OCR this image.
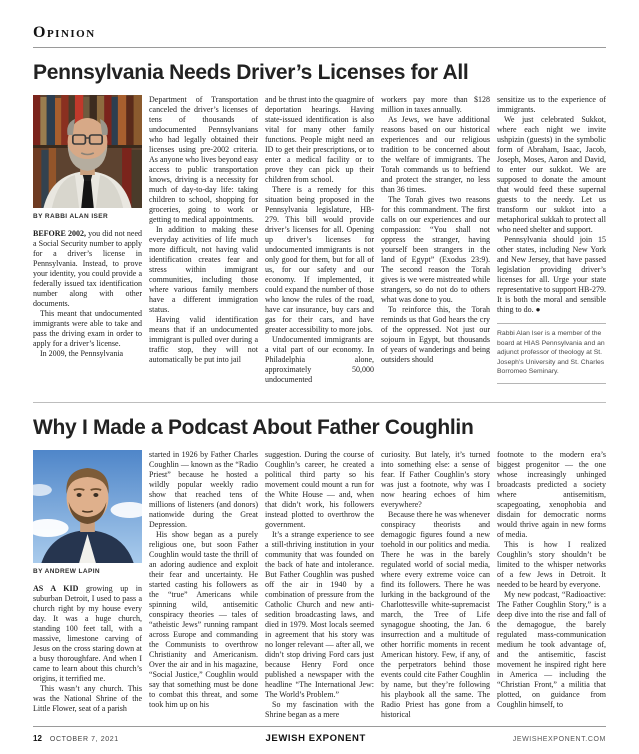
Opinion
Pennsylvania Needs Driver’s Licenses for All
BY RABBI ALAN ISER

BEFORE 2002, you did not need a Social Security number to apply for a driver’s license in Pennsylvania. Instead, to prove your identity, you could provide a federally issued tax identification number along with other documents.

This meant that undocumented immigrants were able to take and pass the driving exam in order to apply for a driver’s license.

In 2009, the Pennsylvania

Department of Transportation canceled the driver’s licenses of tens of thousands of undocumented Pennsylvanians who had legally obtained their licenses using pre-2002 criteria. As anyone who lives beyond easy access to public transportation knows, driving is a necessity for much of day-to-day life: taking children to school, shopping for groceries, going to work or getting to medical appointments.

In addition to making these everyday activities of life much more difficult, not having valid identification creates fear and stress within immigrant communities, including those where various family members have a different immigration status.

Having valid identification means that if an undocumented immigrant is pulled over during a traffic stop, they will not automatically be put into jail

and be thrust into the quagmire of deportation hearings. Having state-issued identification is also vital for many other family functions. People might need an ID to get their prescriptions, or to enter a medical facility or to prove they can pick up their children from school.

There is a remedy for this situation being proposed in the Pennsylvania legislature, HB-279. This bill would provide driver’s licenses for all. Opening up driver’s licenses for undocumented immigrants is not only good for them, but for all of us, for our safety and our economy. If implemented, it could expand the number of those who know the rules of the road, have car insurance, buy cars and gas for their cars, and have greater accessibility to more jobs.

Undocumented immigrants are a vital part of our economy. In Philadelphia alone, approximately 50,000 undocumented

workers pay more than $128 million in taxes annually.

As Jews, we have additional reasons based on our historical experiences and our religious tradition to be concerned about the welfare of immigrants. The Torah commands us to befriend and protect the stranger, no less than 36 times.

The Torah gives two reasons for this commandment. The first calls on our experiences and our compassion: “You shall not oppress the stranger, having yourself been strangers in the land of Egypt” (Exodus 23:9). The second reason the Torah gives is we were mistreated while strangers, so do not do to others what was done to you.

To reinforce this, the Torah reminds us that God hears the cry of the oppressed. Not just our sojourn in Egypt, but thousands of years of wanderings and being outsiders should

sensitize us to the experience of immigrants.

We just celebrated Sukkot, where each night we invite ushpizin (guests) in the symbolic form of Abraham, Isaac, Jacob, Joseph, Moses, Aaron and David, to enter our sukkot. We are supposed to donate the amount that would feed these supernal guests to the needy. Let us transform our sukkot into a metaphorical sukkah to protect all who need shelter and support.

Pennsylvania should join 15 other states, including New York and New Jersey, that have passed legislation providing driver’s licenses for all. Urge your state representative to support HB-279. It is both the moral and sensible thing to do. ●

Rabbi Alan Iser is a member of the board at HIAS Pennsylvania and an adjunct professor of theology at St. Joseph’s University and St. Charles Borromeo Seminary.
Why I Made a Podcast About Father Coughlin
BY ANDREW LAPIN

AS A KID growing up in suburban Detroit, I used to pass a church right by my house every day. It was a huge church, standing 100 feet tall, with a massive, limestone carving of Jesus on the cross staring down at a busy thoroughfare. And when I came to learn about this church’s origins, it terrified me.

This wasn’t any church. This was the National Shrine of the Little Flower, seat of a parish

started in 1926 by Father Charles Coughlin — known as the “Radio Priest” because he hosted a wildly popular weekly radio show that reached tens of millions of listeners (and donors) nationwide during the Great Depression.

His show began as a purely religious one, but soon Father Coughlin would taste the thrill of an adoring audience and exploit their fear and uncertainty. He started casting his followers as the “true” Americans while spinning wild, antisemitic conspiracy theories — tales of “atheistic Jews” running rampant across Europe and commanding the Communists to overthrow Christianity and Americanism. Over the air and in his magazine, “Social Justice,” Coughlin would say that something must be done to combat this threat, and some took him up on his

suggestion. During the course of Coughlin’s career, he created a political third party so his movement could mount a run for the White House — and, when that didn’t work, his followers instead plotted to overthrow the government.

It’s a strange experience to see a still-thriving institution in your community that was founded on the back of hate and intolerance. But Father Coughlin was pushed off the air in 1940 by a combination of pressure from the Catholic Church and new anti-sedition broadcasting laws, and died in 1979. Most locals seemed in agreement that his story was no longer relevant — after all, we didn’t stop driving Ford cars just because Henry Ford once published a newspaper with the headline “The International Jew: The World’s Problem.”

So my fascination with the Shrine began as a mere

curiosity. But lately, it’s turned into something else: a sense of fear. If Father Coughlin’s story was just a footnote, why was I now hearing echoes of him everywhere?

Because there he was whenever conspiracy theorists and demagogic figures found a new toehold in our politics and media. There he was in the barely regulated world of social media, where every extreme voice can find its followers. There he was lurking in the background of the Charlottesville white-supremacist march, the Tree of Life synagogue shooting, the Jan. 6 insurrection and a multitude of other horrific moments in recent American history. Few, if any, of the perpetrators behind those events could cite Father Coughlin by name, but they’re following his playbook all the same. The Radio Priest has gone from a historical

footnote to the modern era’s biggest progenitor — the one whose increasingly unhinged broadcasts predicted a society where antisemitism, scapegoating, xenophobia and disdain for democratic norms would thrive again in new forms of media.

This is how I realized Coughlin’s story shouldn’t be limited to the whisper networks of a few Jews in Detroit. It needed to be heard by everyone.

My new podcast, “Radioactive: The Father Coughlin Story,” is a deep dive into the rise and fall of the demagogue, the barely regulated mass-communication medium he took advantage of, and the antisemitic, fascist movement he inspired right here in America — including the “Christian Front,” a militia that plotted, on guidance from Coughlin himself, to

12 OCTOBER 7, 2021	JEWISH EXPONENT	JEWISHEXPONENT.COM
